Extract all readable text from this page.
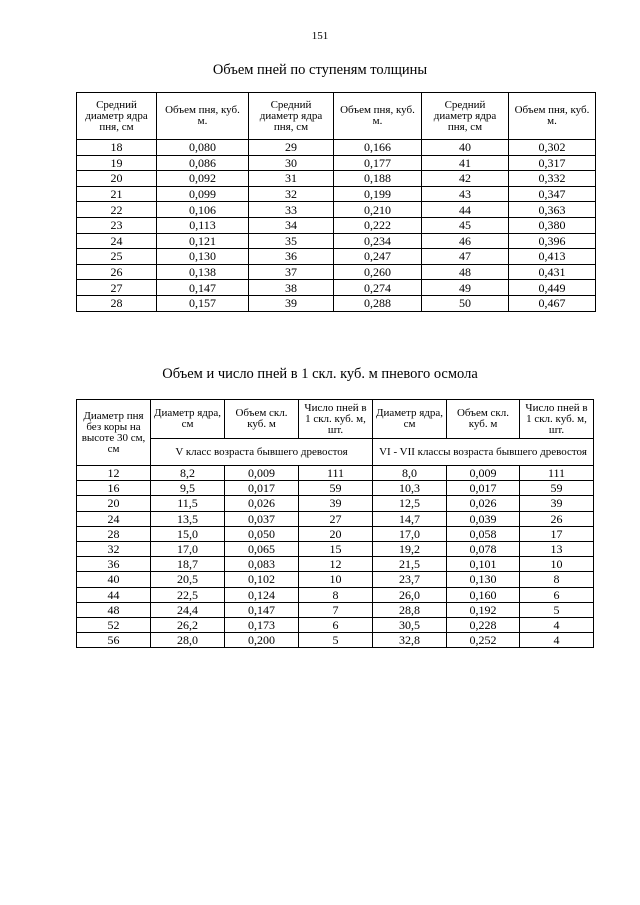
151
Объем пней по ступеням толщины
Средний диаметр ядра пня, см	Объем пня, куб. м.	Средний диаметр ядра пня, см	Объем пня, куб. м.	Средний диаметр ядра пня, см	Объем пня, куб. м.
18	0,080	29	0,166	40	0,302
19	0,086	30	0,177	41	0,317
20	0,092	31	0,188	42	0,332
21	0,099	32	0,199	43	0,347
22	0,106	33	0,210	44	0,363
23	0,113	34	0,222	45	0,380
24	0,121	35	0,234	46	0,396
25	0,130	36	0,247	47	0,413
26	0,138	37	0,260	48	0,431
27	0,147	38	0,274	49	0,449
28	0,157	39	0,288	50	0,467
Объем и число пней в 1 скл. куб. м пневого осмола
Диаметр пня без коры на высоте 30 см, см	Диаметр ядра, см	Объем скл. куб. м	Число пней в 1 скл. куб. м, шт.	Диаметр ядра, см	Объем скл. куб. м	Число пней в 1 скл. куб. м, шт.
	V класс возраста бывшего древостоя			VI - VII классы возраста бывшего древостоя		
12	8,2	0,009	111	8,0	0,009	111
16	9,5	0,017	59	10,3	0,017	59
20	11,5	0,026	39	12,5	0,026	39
24	13,5	0,037	27	14,7	0,039	26
28	15,0	0,050	20	17,0	0,058	17
32	17,0	0,065	15	19,2	0,078	13
36	18,7	0,083	12	21,5	0,101	10
40	20,5	0,102	10	23,7	0,130	8
44	22,5	0,124	8	26,0	0,160	6
48	24,4	0,147	7	28,8	0,192	5
52	26,2	0,173	6	30,5	0,228	4
56	28,0	0,200	5	32,8	0,252	4
